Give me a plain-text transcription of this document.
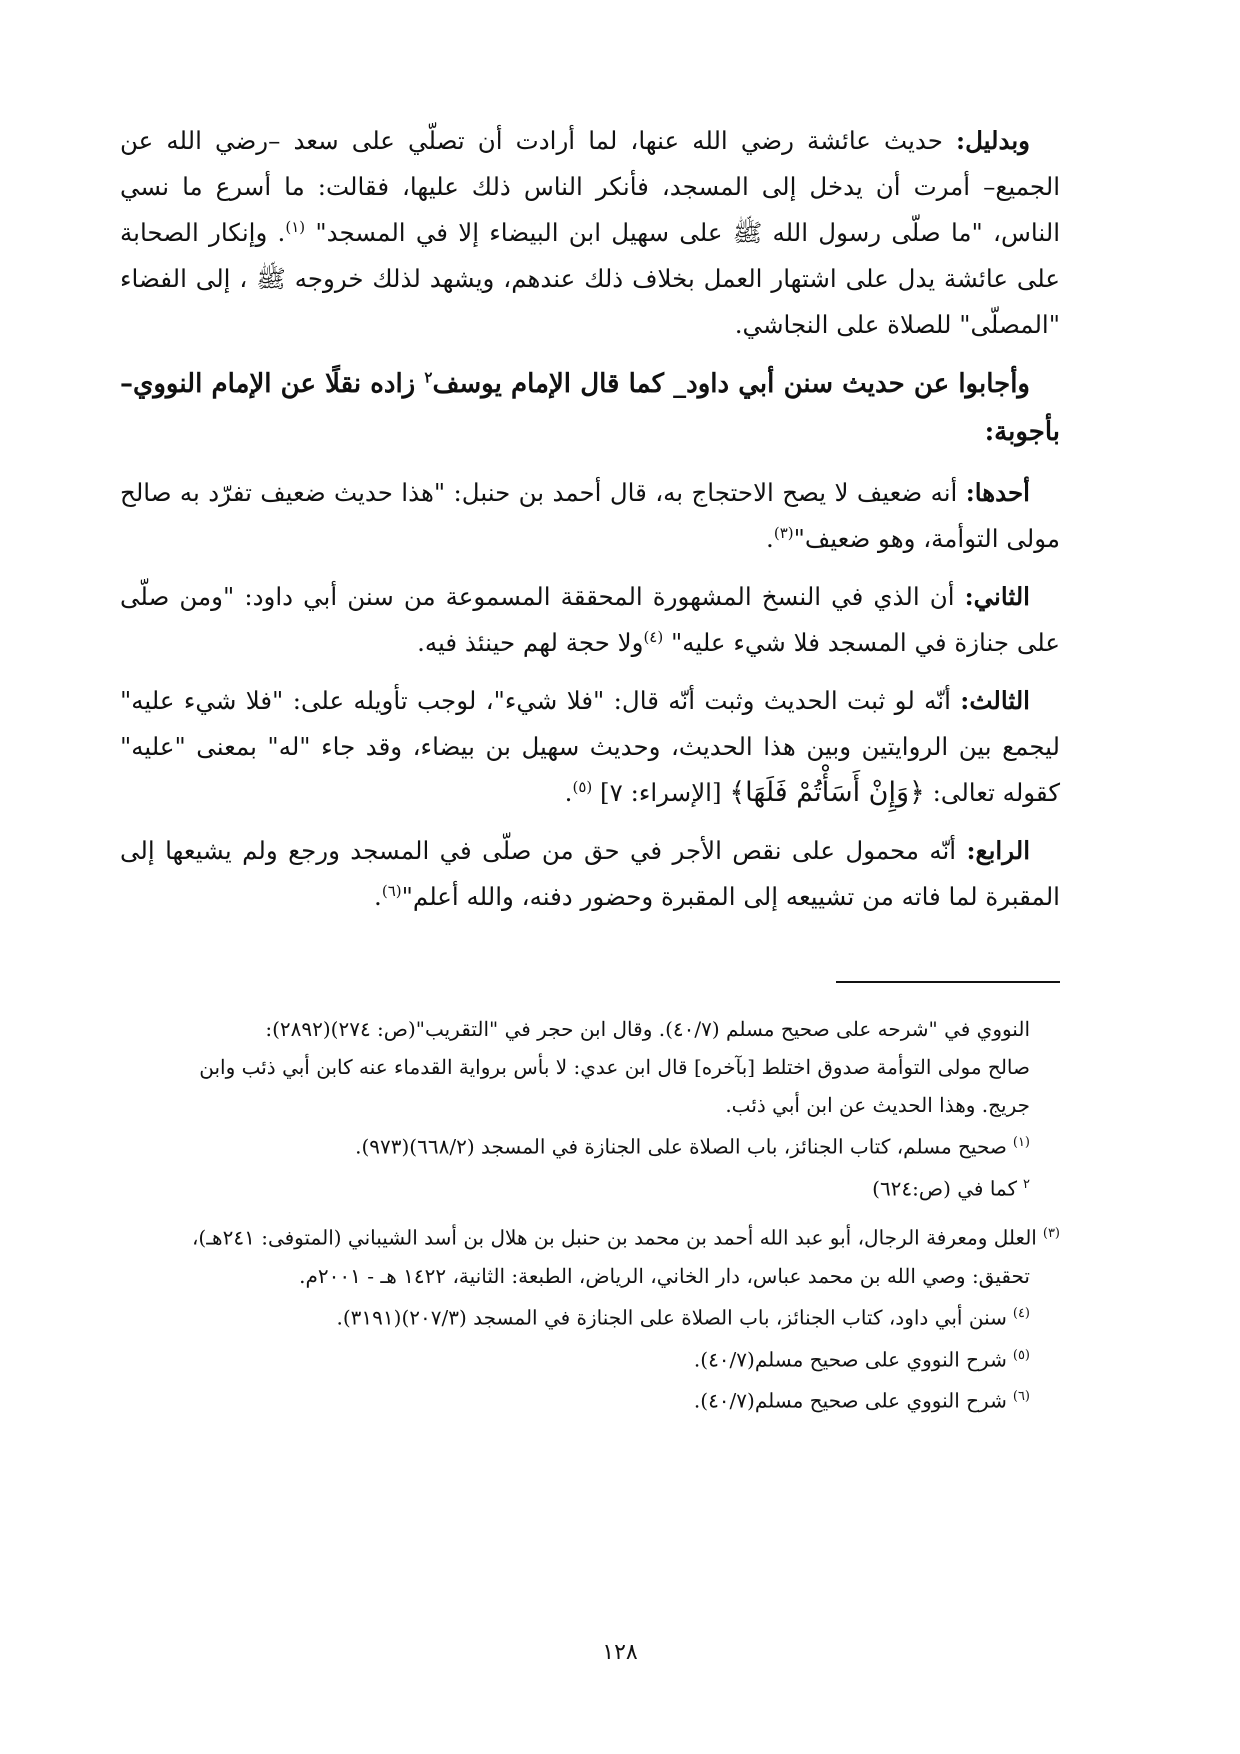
وبدليل: حديث عائشة رضي الله عنها، لما أرادت أن تصلّي على سعد –رضي الله عن الجميع– أمرت أن يدخل إلى المسجد، فأنكر الناس ذلك عليها، فقالت: ما أسرع ما نسي الناس، "ما صلّى رسول الله ﷺ على سهيل ابن البيضاء إلا في المسجد" $^{(١)}$. وإنكار الصحابة على عائشة يدل على اشتهار العمل بخلاف ذلك عندهم، ويشهد لذلك خروجه ﷺ ، إلى الفضاء "المصلّى" للصلاة على النجاشي.

وأجابوا عن حديث سنن أبي داود_ كما قال الإمام يوسف$^٢$ زاده نقلًا عن الإمام النووي– بأجوبة:

أحدها: أنه ضعيف لا يصح الاحتجاج به، قال أحمد بن حنبل: "هذا حديث ضعيف تفرّد به صالح مولى التوأمة، وهو ضعيف"$^{(٣)}$.

الثاني: أن الذي في النسخ المشهورة المحققة المسموعة من سنن أبي داود: "ومن صلّى على جنازة في المسجد فلا شيء عليه" $^{(٤)}$ولا حجة لهم حينئذ فيه.

الثالث: أنّه لو ثبت الحديث وثبت أنّه قال: "فلا شيء"، لوجب تأويله على: "فلا شيء عليه" ليجمع بين الروايتين وبين هذا الحديث، وحديث سهيل بن بيضاء، وقد جاء "له" بمعنى "عليه" كقوله تعالى: ﴿وَإِنْ أَسَأْتُمْ فَلَهَا﴾ [الإسراء: ٧] $^{(٥)}$.

الرابع: أنّه محمول على نقص الأجر في حق من صلّى في المسجد ورجع ولم يشيعها إلى المقبرة لما فاته من تشييعه إلى المقبرة وحضور دفنه، والله أعلم"$^{(٦)}$.

النووي في "شرحه على صحيح مسلم (٤٠/٧). وقال ابن حجر في "التقريب"(ص: ٢٧٤)(٢٨٩٢):

صالح مولى التوأمة صدوق اختلط [بآخره] قال ابن عدي: لا بأس برواية القدماء عنه كابن أبي ذئب وابن

جريج. وهذا الحديث عن ابن أبي ذئب.

$^{(١)}$صحيح مسلم، كتاب الجنائز، باب الصلاة على الجنازة في المسجد (٦٦٨/٢)(٩٧٣).

$^٢$كما في (ص:٦٢٤)

$^{(٣)}$العلل ومعرفة الرجال، أبو عبد الله أحمد بن محمد بن حنبل بن هلال بن أسد الشيباني (المتوفى: ٢٤١هـ)،

تحقيق: وصي الله بن محمد عباس، دار الخاني، الرياض، الطبعة: الثانية، ١٤٢٢ هـ - ٢٠٠١م.

$^{(٤)}$سنن أبي داود، كتاب الجنائز، باب الصلاة على الجنازة في المسجد (٢٠٧/٣)(٣١٩١).

$^{(٥)}$شرح النووي على صحيح مسلم(٤٠/٧).

$^{(٦)}$شرح النووي على صحيح مسلم(٤٠/٧).

١٢٨
